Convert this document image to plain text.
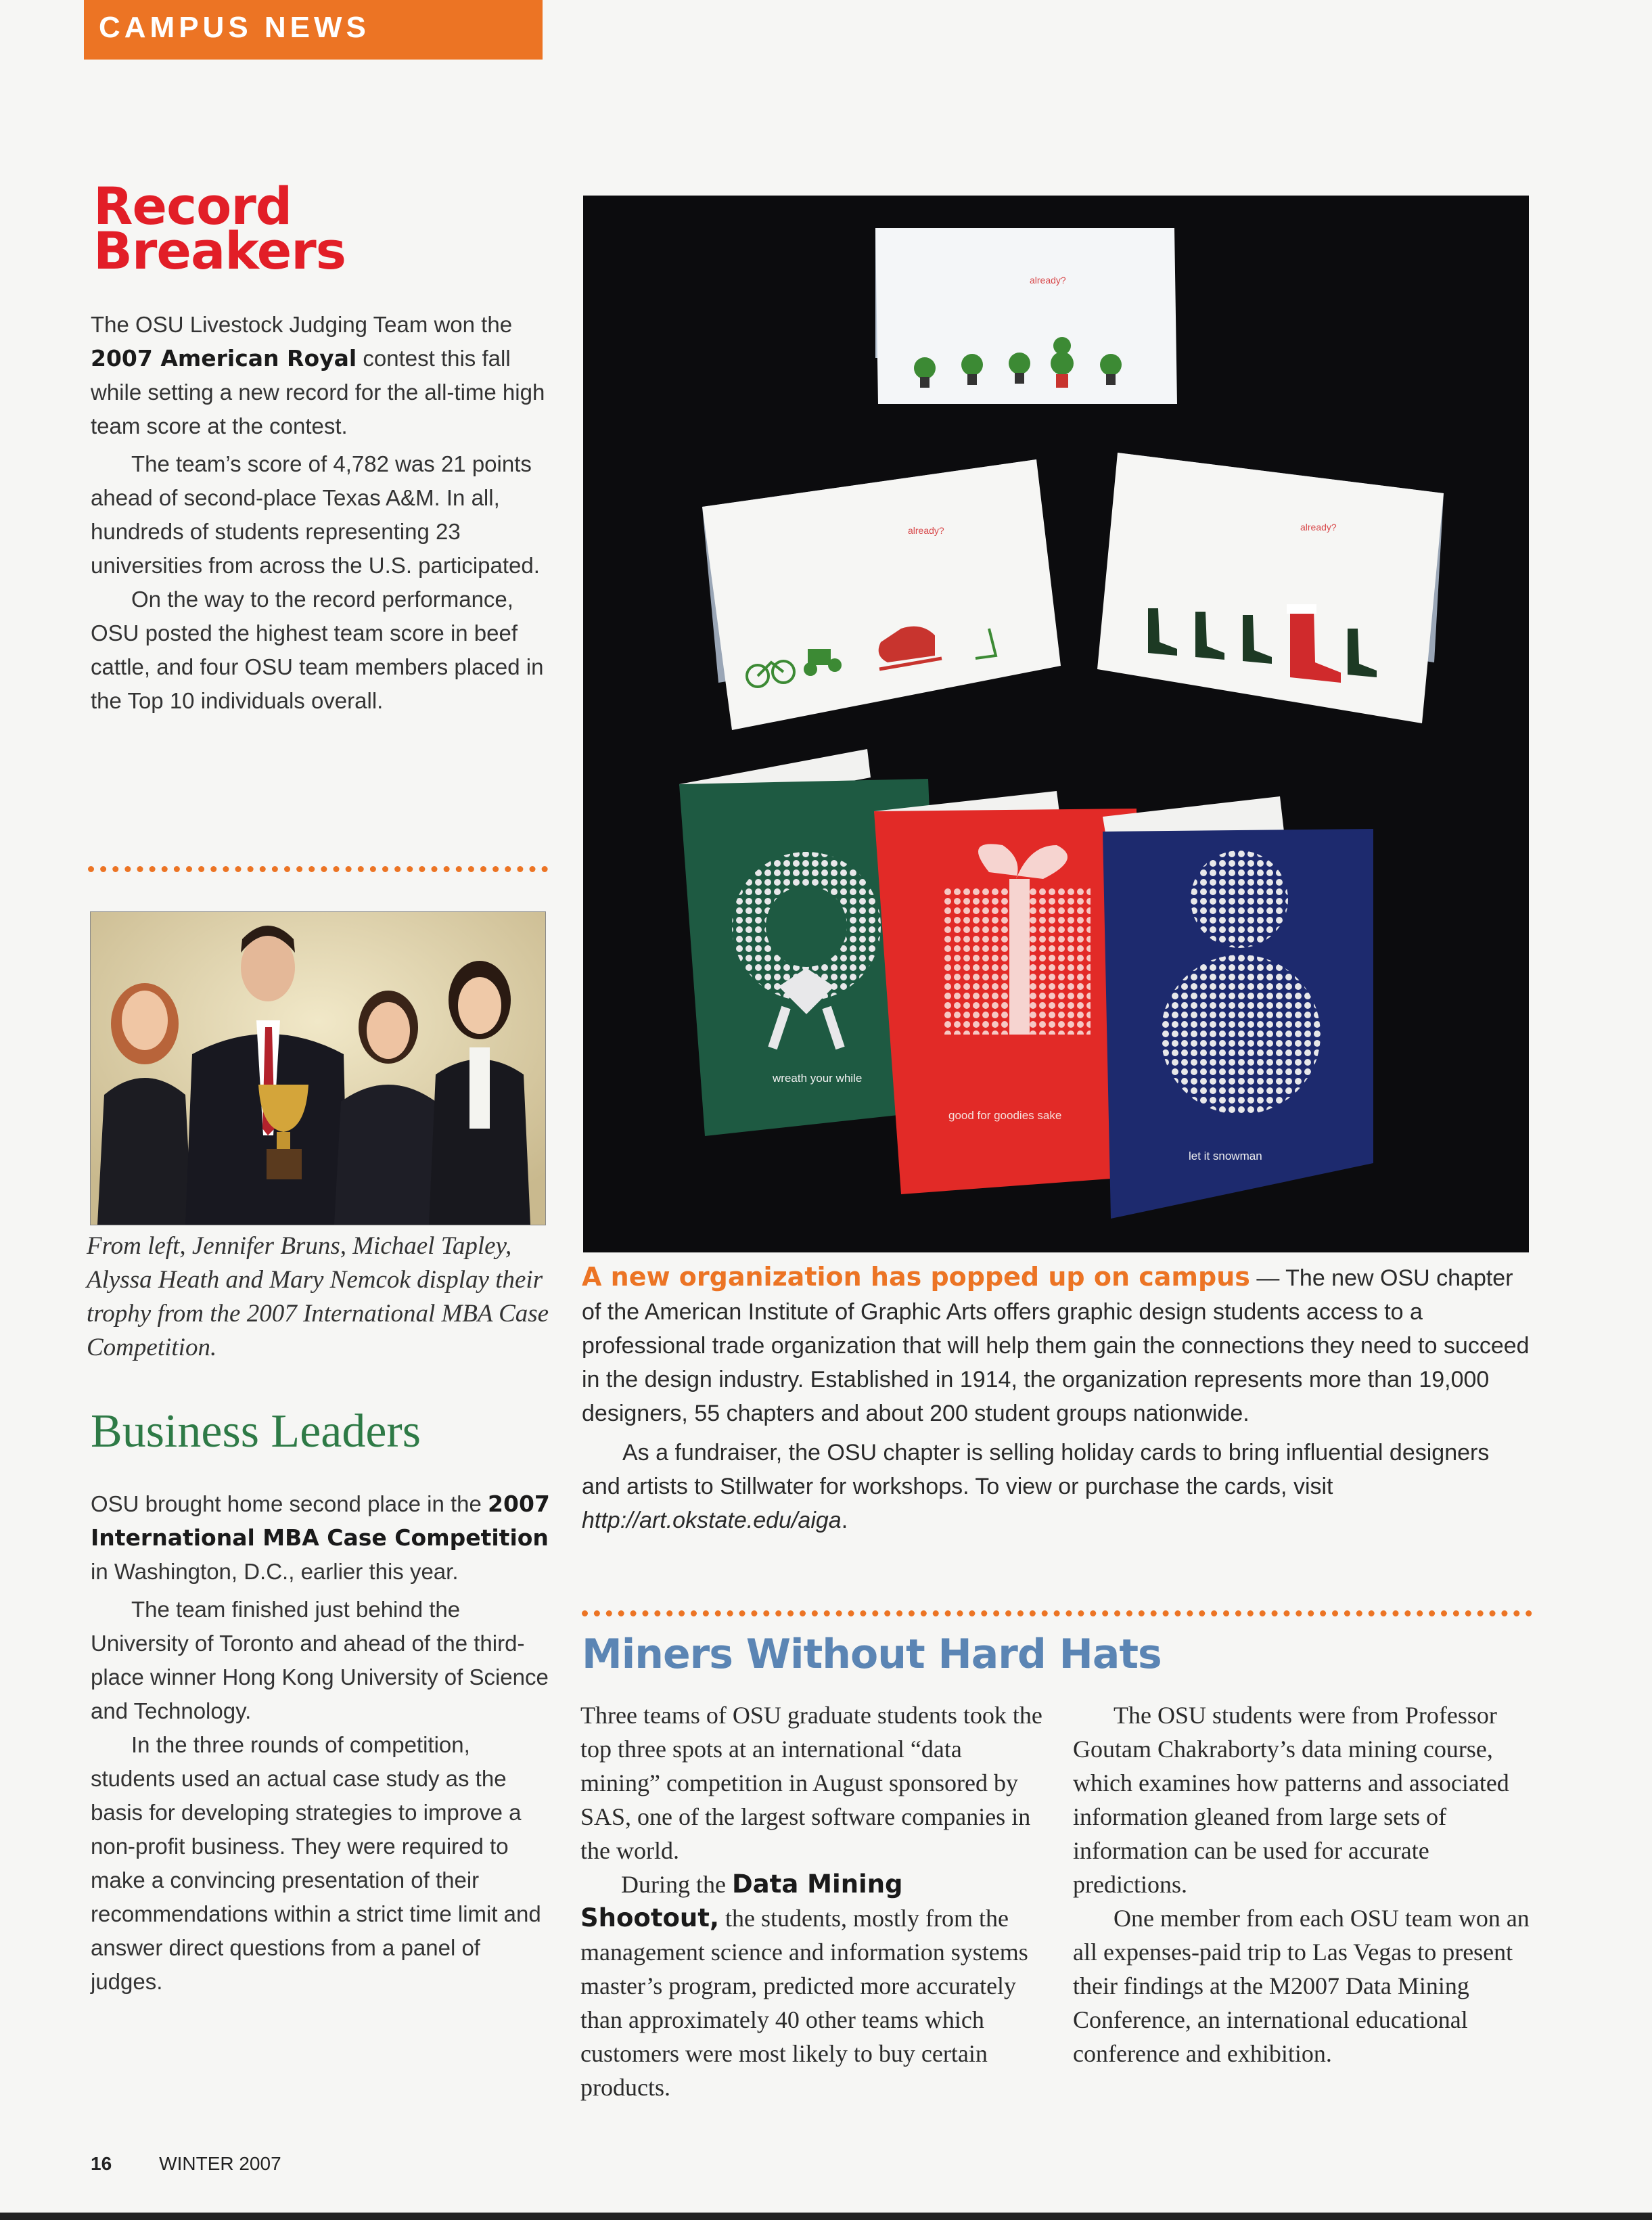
CAMPUS NEWS
Record
Breakers

The OSU Livestock Judging Team won the 2007 American Royal contest this fall while setting a new record for the all-time high team score at the contest.

The team’s score of 4,782 was 21 points ahead of second-place Texas A&M. In all, hundreds of students representing 23 universities from across the U.S. participated.

On the way to the record performance, OSU posted the highest team score in beef cattle, and four OSU team members placed in the Top 10 individuals overall.

From left, Jennifer Bruns, Michael Tapley, Alyssa Heath and Mary Nemcok display their trophy from the 2007 International MBA Case Competition.
Business Leaders

OSU brought home second place in the 2007 International MBA Case Competition in Washington, D.C., earlier this year.

The team finished just behind the University of Toronto and ahead of the third-place winner Hong Kong University of Science and Technology.

In the three rounds of competition, students used an actual case study as the basis for developing strategies to improve a non-profit business. They were required to make a convincing presentation of their recommendations within a strict time limit and answer direct questions from a panel of judges.

already?
already?	already?
wreath your while
good for goodies sake
let it snowman

A new organization has popped up on campus — The new OSU chapter of the American Institute of Graphic Arts offers graphic design students access to a professional trade organization that will help them gain the connections they need to succeed in the design industry. Established in 1914, the organization represents more than 19,000 designers, 55 chapters and about 200 student groups nationwide.

As a fundraiser, the OSU chapter is selling holiday cards to bring influential designers and artists to Stillwater for workshops. To view or purchase the cards, visit http://art.okstate.edu/aiga.

Miners Without Hard Hats

Three teams of OSU graduate students took the top three spots at an international “data mining” competition in August sponsored by SAS, one of the largest software companies in the world.

During the Data Mining Shootout, the students, mostly from the management science and information systems master’s program, predicted more accurately than approximately 40 other teams which customers were most likely to buy certain products.

The OSU students were from Professor Goutam Chakraborty’s data mining course, which examines how patterns and associated information gleaned from large sets of information can be used for accurate predictions.

One member from each OSU team won an all expenses-paid trip to Las Vegas to present their findings at the M2007 Data Mining Conference, an international educational conference and exhibition.

16	WINTER 2007
